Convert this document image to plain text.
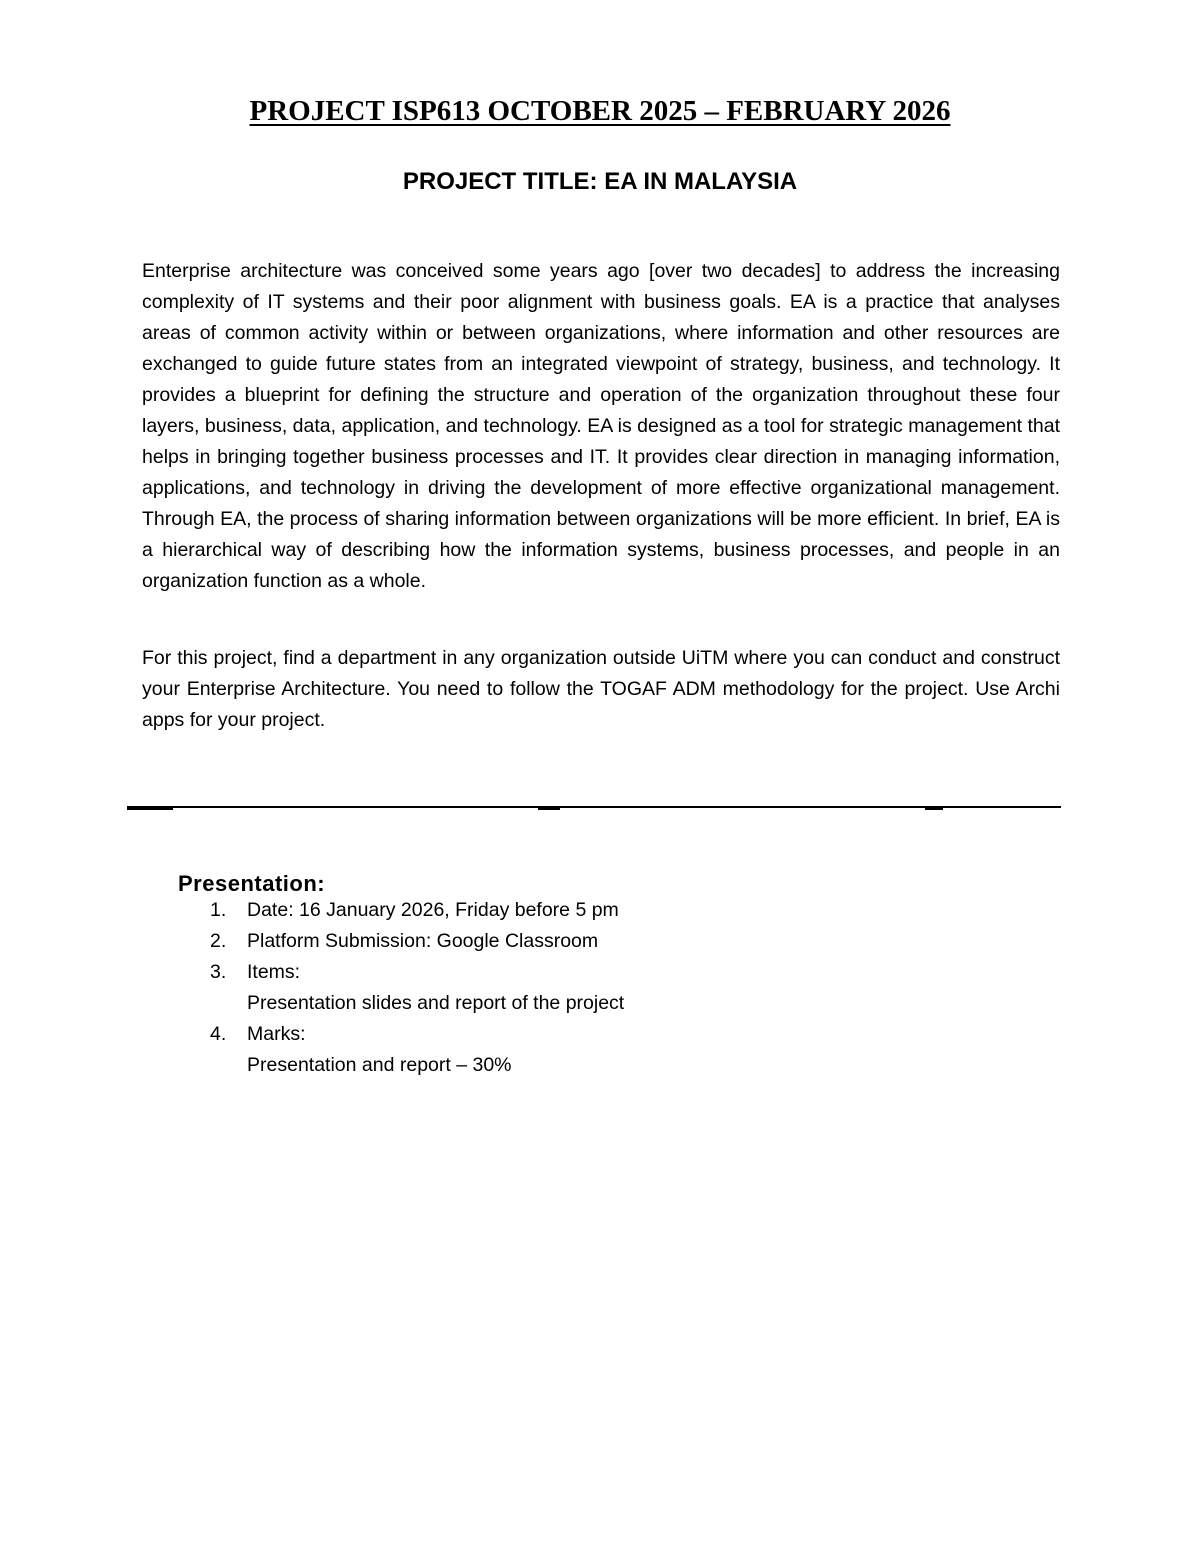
PROJECT ISP613 OCTOBER 2025 – FEBRUARY 2026
PROJECT TITLE: EA IN MALAYSIA

Enterprise architecture was conceived some years ago [over two decades] to address the increasing complexity of IT systems and their poor alignment with business goals. EA is a practice that analyses areas of common activity within or between organizations, where information and other resources are exchanged to guide future states from an integrated viewpoint of strategy, business, and technology. It provides a blueprint for defining the structure and operation of the organization throughout these four layers, business, data, application, and technology. EA is designed as a tool for strategic management that helps in bringing together business processes and IT. It provides clear direction in managing information, applications, and technology in driving the development of more effective organizational management. Through EA, the process of sharing information between organizations will be more efficient. In brief, EA is a hierarchical way of describing how the information systems, business processes, and people in an organization function as a whole.

For this project, find a department in any organization outside UiTM where you can conduct and construct your Enterprise Architecture. You need to follow the TOGAF ADM methodology for the project. Use Archi apps for your project.

Presentation:
1. Date: 16 January 2026, Friday before 5 pm
2. Platform Submission: Google Classroom
3. Items:
Presentation slides and report of the project
4. Marks:
Presentation and report – 30%
